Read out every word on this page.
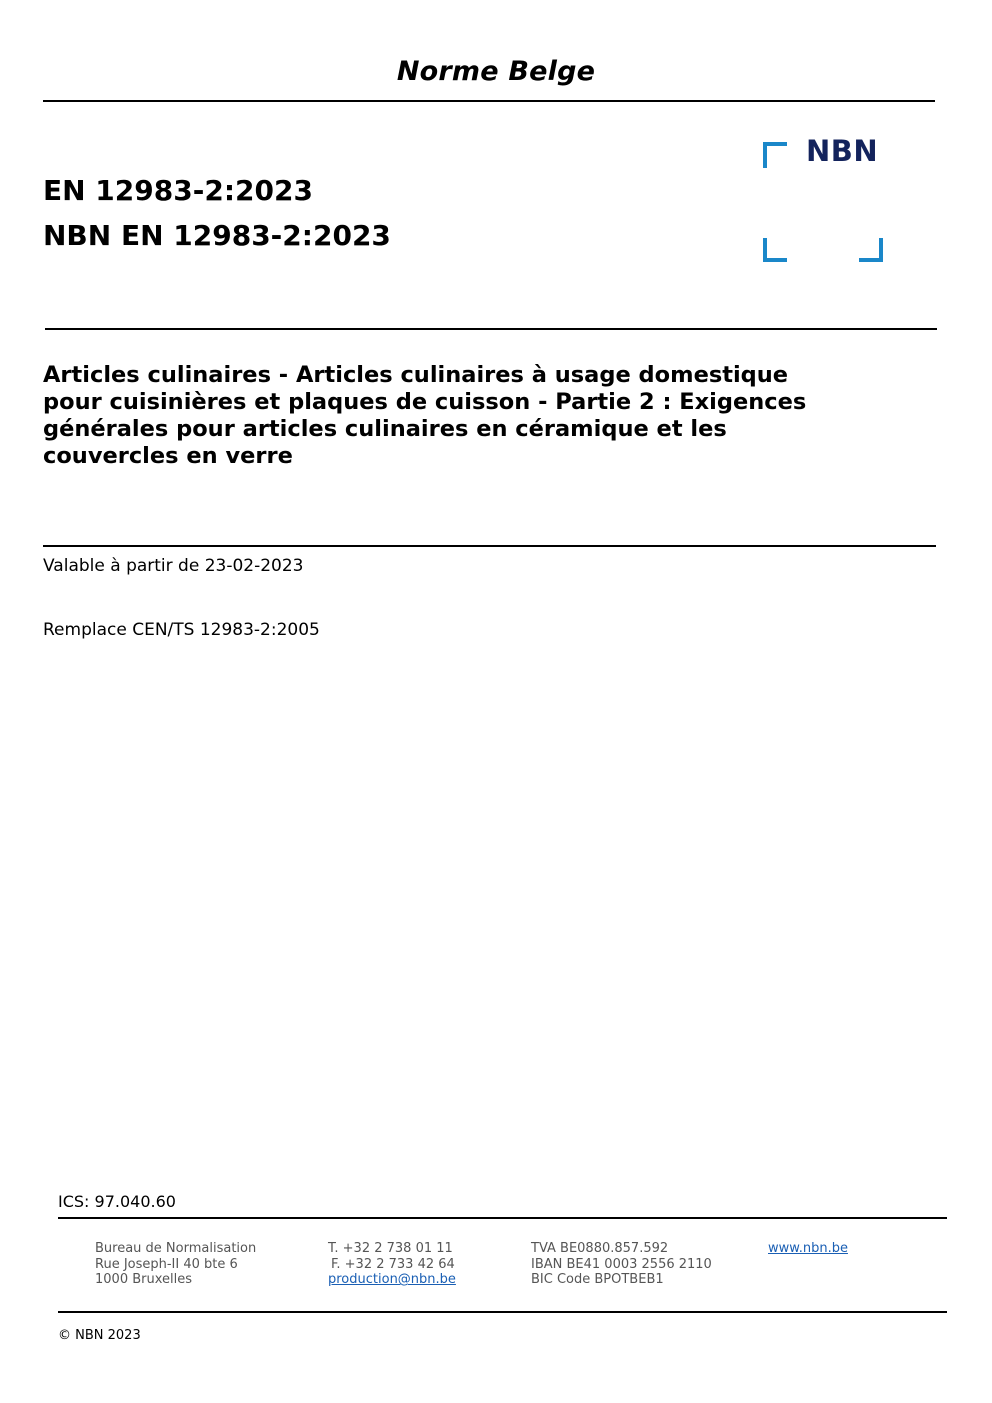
Norme Belge
EN 12983-2:2023
NBN EN 12983-2:2023
NBN
Articles culinaires - Articles culinaires à usage domestique
pour cuisinières et plaques de cuisson - Partie 2 : Exigences
générales pour articles culinaires en céramique et les
couvercles en verre
Valable à partir de 23-02-2023
Remplace CEN/TS 12983-2:2005
ICS: 97.040.60
Bureau de Normalisation
Rue Joseph-II 40 bte 6
1000 Bruxelles
T. +32 2 738 01 11
F. +32 2 733 42 64
production@nbn.be
TVA BE0880.857.592
IBAN BE41 0003 2556 2110
BIC Code BPOTBEB1
www.nbn.be
© NBN 2023
